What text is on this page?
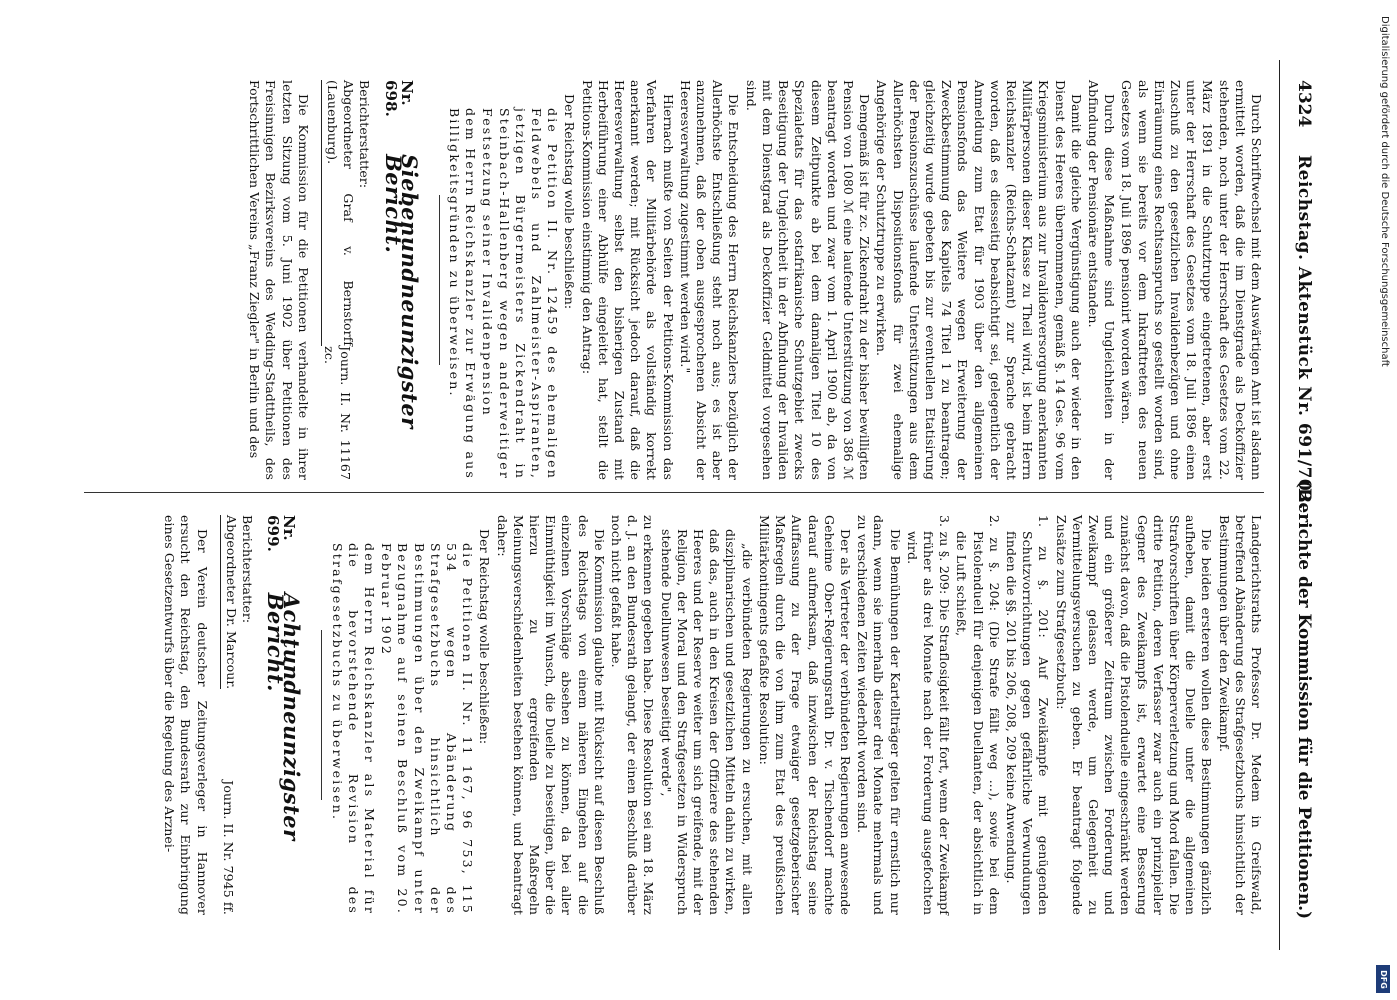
4324
Reichstag. Aktenstück Nr. 691/702.
(Berichte der Kommission für die Petitionen.)

Durch Schriftwechsel mit dem Auswärtigen Amt ist alsdann ermittelt worden, daß die im Dienstgrade als Deckoffizier stehenden, noch unter der Herrschaft des Gesetzes vom 22. März 1891 in die Schutztruppe eingetretenen, aber erst unter der Herrschaft des Gesetzes vom 18. Juli 1896 einen Zuschuß zu den gesetzlichen Invalidenbezügen und ohne Einräumung eines Rechtsanspruchs so gestellt worden sind, als wenn sie bereits vor dem Inkrafttreten des neuen Gesetzes vom 18. Juli 1896 pensionirt worden wären.

Durch diese Maßnahme sind Ungleichheiten in der Abfindung der Pensionäre entstanden.

Damit die gleiche Vergünstigung auch der wieder in den Dienst des Heeres übernommenen, gemäß §. 14 Ges. 96 vom Kriegsministerium aus zur Invalidenversorgung anerkannten Militärpersonen dieser Klasse zu Theil wird, ist beim Herrn Reichskanzler (Reichs-Schatzamt) zur Sprache gebracht worden, daß es diesseitig beabsichtigt sei, gelegentlich der Anmeldung zum Etat für 1903 über den allgemeinen Pensionsfonds das Weitere wegen Erweiterung der Zweckbestimmung des Kapitels 74 Titel 1 zu beantragen; gleichzeitig wurde gebeten bis zur eventuellen Etatisirung der Pensionszuschüsse laufende Unterstützungen aus dem Allerhöchsten Dispositionsfonds für zwei ehemalige Angehörige der Schutztruppe zu erwirken.

Demgemäß ist für zc. Zickendraht zu der bisher bewilligten Pension von 1080 ℳ eine laufende Unterstützung von 386 ℳ beantragt worden und zwar vom 1. April 1900 ab, da von diesem Zeitpunkte ab bei dem damaligen Titel 10 des Spezialetats für das ostafrikanische Schutzgebiet zwecks Beseitigung der Ungleichheit in der Abfindung der Invaliden mit dem Dienstgrad als Deckoffizier Geldmittel vorgesehen sind.

Die Entscheidung des Herrn Reichskanzlers bezüglich der Allerhöchste Entschließung steht noch aus; es ist aber anzunehmen, daß der oben ausgesprochenen Absicht der Heeresverwaltung zugestimmt werden wird."

Hiernach mußte von Seiten der Petitions-Kommission das Verfahren der Militärbehörde als vollständig korrekt anerkannt werden; mit Rücksicht jedoch darauf, daß die Heeresverwaltung selbst den bisherigen Zustand mit Herbeiführung einer Abhülfe eingeleitet hat, stellt die Petitions-Kommission einstimmig den Antrag:

Der Reichstag wolle beschließen:

die Petition II. Nr. 12459 des ehemaligen Feldwebels und Zahlmeister-Aspiranten, jetzigen Bürgermeisters Zickendraht in Steinbach-Hallenberg wegen anderweitiger Festsetzung seiner Invalidenpension

dem Herrn Reichskanzler zur Erwägung aus Billigkeitsgründen zu überweisen.

Nr. 698.
Siebenundneunzigster Bericht.
Berichterstatter:
Abgeordneter Graf v. Bernstorff (Lauenburg).
Journ. II. Nr. 11167 zc.

Die Kommission für die Petitionen verhandelte in ihrer letzten Sitzung vom 5. Juni 1902 über Petitionen des Freisinnigen Bezirksvereins des Wedding-Stadttheils, des Fortschrittlichen Vereins „Franz Ziegler" in Berlin und des

Landgerichtsraths Professor Dr. Medem in Greifswald, betreffend Abänderung des Strafgesetzbuchs hinsichtlich der Bestimmungen über den Zweikampf.

Die beiden ersteren wollen diese Bestimmungen gänzlich aufheben, damit die Duelle unter die allgemeinen Strafvorschriften über Körperverletzung und Mord fallen. Die dritte Petition, deren Verfasser zwar auch ein prinzipieller Gegner des Zweikampfs ist, erwartet eine Besserung zunächst davon, daß die Pistolenduelle eingeschränkt werden und ein größerer Zeitraum zwischen Forderung und Zweikampf gelassen werde, um Gelegenheit zu Vermittelungsversuchen zu geben. Er beantragt folgende Zusätze zum Strafgesetzbuch:

1. zu §. 201: Auf Zweikämpfe mit genügenden Schutzvorrichtungen gegen gefährliche Verwundungen finden die §§. 201 bis 206, 208, 209 keine Anwendung.

2. zu §. 204: (Die Strafe fällt weg ...), sowie bei dem Pistolenduell für denjenigen Duellanten, der absichtlich in die Luft schießt,

3. zu §. 209: Die Straflosigkeit fällt fort, wenn der Zweikampf früher als drei Monate nach der Forderung ausgefochten wird.

Die Bemühungen der Kartellträger gelten für ernstlich nur dann, wenn sie innerhalb dieser drei Monate mehrmals und zu verschiedenen Zeiten wiederholt worden sind.

Der als Vertreter der verbündeten Regierungen anwesende Geheime Ober-Regierungsrath Dr. v. Tischendorf machte darauf aufmerksam, daß inzwischen der Reichstag seine Auffassung zu der Frage etwaiger gesetzgeberischer Maßregeln durch die von ihm zum Etat des preußischen Militärkontingents gefaßte Resolution:

„die verbündeten Regierungen zu ersuchen, mit allen disziplinarischen und gesetzlichen Mitteln dahin zu wirken, daß das, auch in den Kreisen der Offiziere des stehenden Heeres und der Reserve weiter um sich greifende, mit der Religion, der Moral und den Strafgesetzen in Widerspruch stehende Duellunwesen beseitigt werde",

zu erkennen gegeben habe. Diese Resolution sei am 18. März d. J. an den Bundesrath gelangt, der einen Beschluß darüber noch nicht gefaßt habe.

Die Kommission glaubte mit Rücksicht auf diesen Beschluß des Reichstags von einem näheren Eingehen auf die einzelnen Vorschläge absehen zu können, da bei aller Einmüthigkeit im Wunsch, die Duelle zu beseitigen, über die hierzu zu ergreifenden Maßregeln Meinungsverschiedenheiten bestehen können, und beantragt daher:

Der Reichstag wolle beschließen:

die Petitionen II. Nr. 11 167, 96 753, 115 534 wegen Abänderung des Strafgesetzbuchs hinsichtlich der Bestimmungen über den Zweikampf unter Bezugnahme auf seinen Beschluß vom 20. Februar 1902

dem Herrn Reichskanzler als Material für die bevorstehende Revision des Strafgesetzbuchs zu überweisen.

Nr. 699.
Achtundneunzigster Bericht.
Berichterstatter:
Abgeordneter Dr. Marcour.
Journ. II. Nr. 7945 ff.

Der Verein deutscher Zeitungsverleger in Hannover ersucht den Reichstag, den Bundesrath zur Einbringung eines Gesetzentwurfs über die Regelung des Arznei-

Digitalisierung gefördert durch die Deutsche Forschungsgemeinschaft
DFG
